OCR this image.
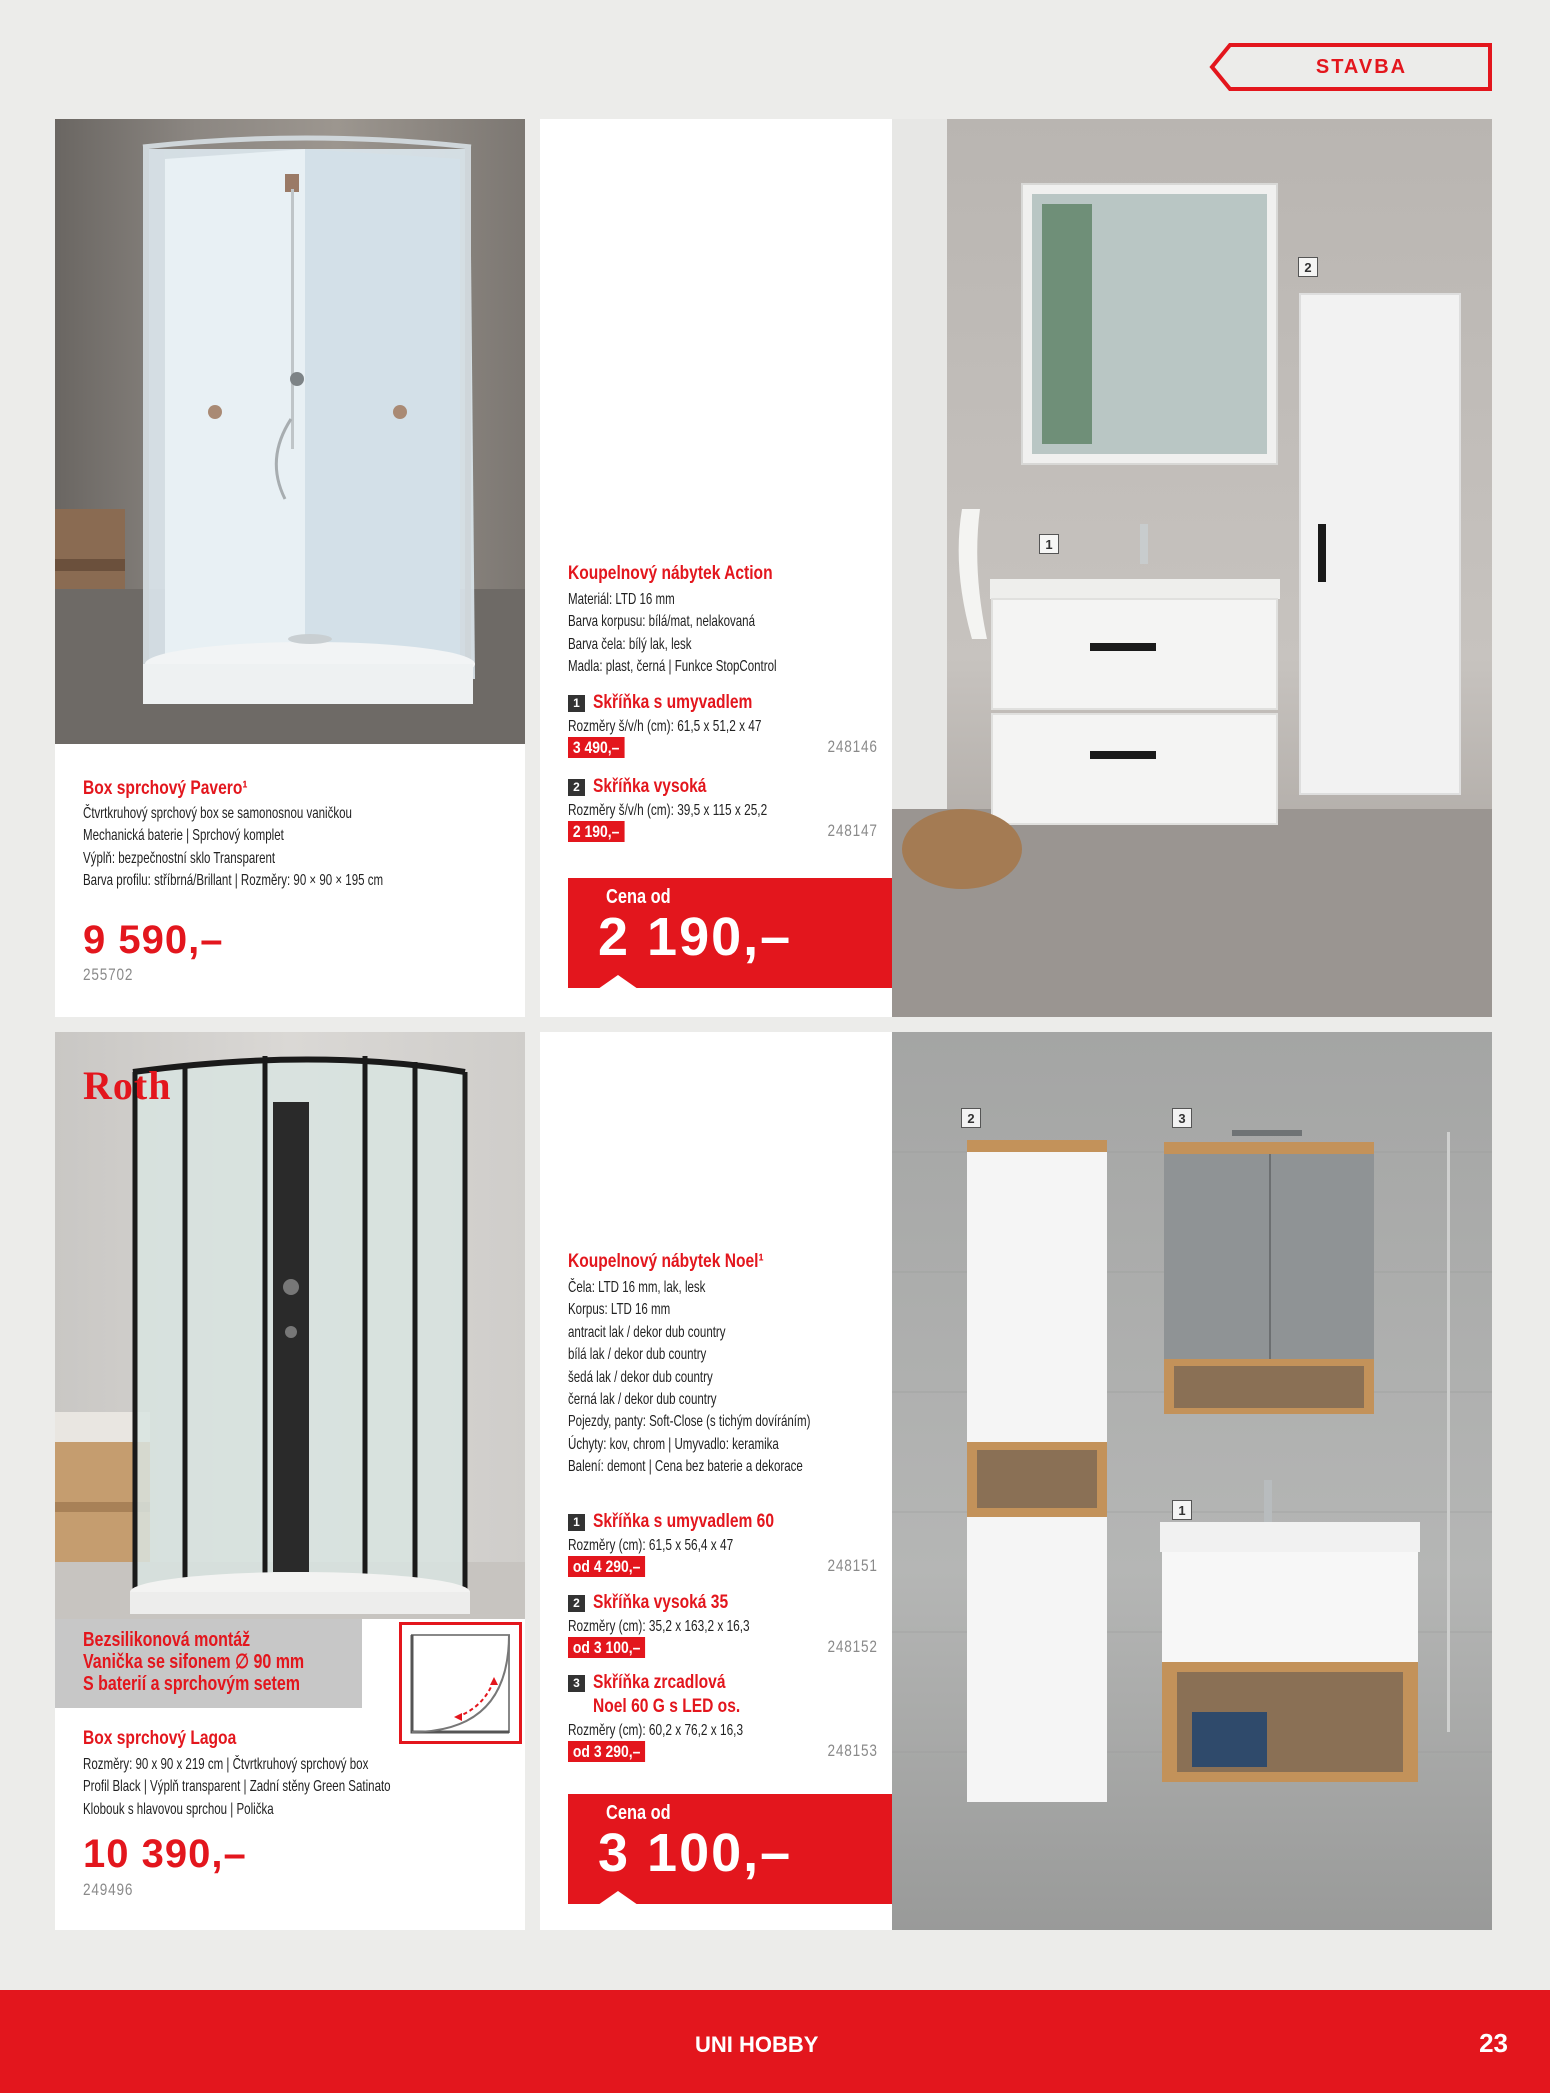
STAVBA
Box sprchový Pavero¹
Čtvrtkruhový sprchový box se samonosnou vaničkou
Mechanická baterie | Sprchový komplet
Výplň: bezpečnostní sklo Transparent
Barva profilu: stříbrná/Brillant | Rozměry: 90 × 90 × 195 cm
9 590,–
255702
Koupelnový nábytek Action
Materiál: LTD 16 mm
Barva korpusu: bílá/mat, nelakovaná
Barva čela: bílý lak, lesk
Madla: plast, černá | Funkce StopControl
1 Skříňka s umyvadlem
Rozměry š/v/h (cm): 61,5 x 51,2 x 47
3 490,–	248146
2 Skříňka vysoká
Rozměry š/v/h (cm): 39,5 x 115 x 25,2
2 190,–	248147
Cena od
2 190,–
1
2
Roth
Bezsilikonová montáž
Vanička se sifonem ∅ 90 mm
S baterií a sprchovým setem
Box sprchový Lagoa
Rozměry: 90 x 90 x 219 cm | Čtvrtkruhový sprchový box
Profil Black | Výplň transparent | Zadní stěny Green Satinato
Klobouk s hlavovou sprchou | Polička
10 390,–
249496
Koupelnový nábytek Noel¹
Čela: LTD 16 mm, lak, lesk
Korpus: LTD 16 mm
antracit lak / dekor dub country
bílá lak / dekor dub country
šedá lak / dekor dub country
černá lak / dekor dub country
Pojezdy, panty: Soft-Close (s tichým dovíráním)
Úchyty: kov, chrom | Umyvadlo: keramika
Balení: demont | Cena bez baterie a dekorace
1 Skříňka s umyvadlem 60
Rozměry (cm): 61,5 x 56,4 x 47
od 4 290,–	248151
2 Skříňka vysoká 35
Rozměry (cm): 35,2 x 163,2 x 16,3
od 3 100,–	248152
3 Skříňka zrcadlová
Noel 60 G s LED os.
Rozměry (cm): 60,2 x 76,2 x 16,3
od 3 290,–	248153
Cena od
3 100,–
2	3
1
UNI HOBBY	23
